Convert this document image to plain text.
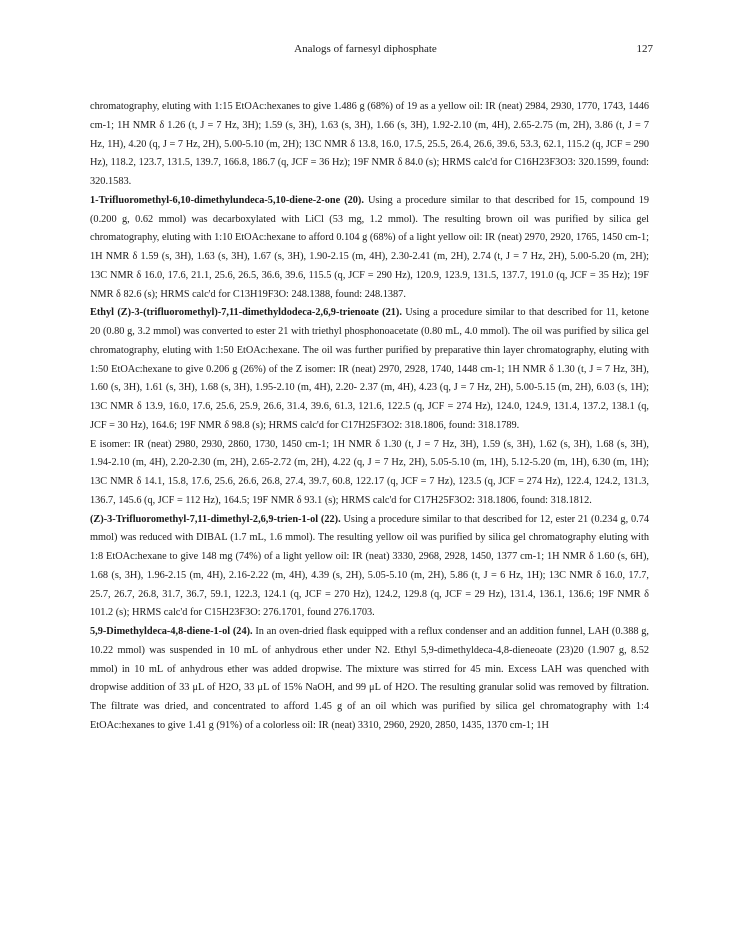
Analogs of farnesyl diphosphate	127

chromatography, eluting with 1:15 EtOAc:hexanes to give 1.486 g (68%) of 19 as a yellow oil: IR (neat) 2984, 2930, 1770, 1743, 1446 cm-1; 1H NMR δ 1.26 (t, J = 7 Hz, 3H); 1.59 (s, 3H), 1.63 (s, 3H), 1.66 (s, 3H), 1.92-2.10 (m, 4H), 2.65-2.75 (m, 2H), 3.86 (t, J = 7 Hz, 1H), 4.20 (q, J = 7 Hz, 2H), 5.00-5.10 (m, 2H); 13C NMR δ 13.8, 16.0, 17.5, 25.5, 26.4, 26.6, 39.6, 53.3, 62.1, 115.2 (q, JCF = 290 Hz), 118.2, 123.7, 131.5, 139.7, 166.8, 186.7 (q, JCF = 36 Hz); 19F NMR δ 84.0 (s); HRMS calc'd for C16H23F3O3: 320.1599, found: 320.1583.

1-Trifluoromethyl-6,10-dimethylundeca-5,10-diene-2-one (20). Using a procedure similar to that described for 15, compound 19 (0.200 g, 0.62 mmol) was decarboxylated with LiCl (53 mg, 1.2 mmol). The resulting brown oil was purified by silica gel chromatography, eluting with 1:10 EtOAc:hexane to afford 0.104 g (68%) of a light yellow oil: IR (neat) 2970, 2920, 1765, 1450 cm-1; 1H NMR δ 1.59 (s, 3H), 1.63 (s, 3H), 1.67 (s, 3H), 1.90-2.15 (m, 4H), 2.30-2.41 (m, 2H), 2.74 (t, J = 7 Hz, 2H), 5.00-5.20 (m, 2H); 13C NMR δ 16.0, 17.6, 21.1, 25.6, 26.5, 36.6, 39.6, 115.5 (q, JCF = 290 Hz), 120.9, 123.9, 131.5, 137.7, 191.0 (q, JCF = 35 Hz); 19F NMR δ 82.6 (s); HRMS calc'd for C13H19F3O: 248.1388, found: 248.1387.

Ethyl (Z)-3-(trifluoromethyl)-7,11-dimethyldodeca-2,6,9-trienoate (21). Using a procedure similar to that described for 11, ketone 20 (0.80 g, 3.2 mmol) was converted to ester 21 with triethyl phosphonoacetate (0.80 mL, 4.0 mmol). The oil was purified by silica gel chromatography, eluting with 1:50 EtOAc:hexane. The oil was further purified by preparative thin layer chromatography, eluting with 1:50 EtOAc:hexane to give 0.206 g (26%) of the Z isomer: IR (neat) 2970, 2928, 1740, 1448 cm-1; 1H NMR δ 1.30 (t, J = 7 Hz, 3H), 1.60 (s, 3H), 1.61 (s, 3H), 1.68 (s, 3H), 1.95-2.10 (m, 4H), 2.20- 2.37 (m, 4H), 4.23 (q, J = 7 Hz, 2H), 5.00-5.15 (m, 2H), 6.03 (s, 1H); 13C NMR δ 13.9, 16.0, 17.6, 25.6, 25.9, 26.6, 31.4, 39.6, 61.3, 121.6, 122.5 (q, JCF = 274 Hz), 124.0, 124.9, 131.4, 137.2, 138.1 (q, JCF = 30 Hz), 164.6; 19F NMR δ 98.8 (s); HRMS calc'd for C17H25F3O2: 318.1806, found: 318.1789.

E isomer: IR (neat) 2980, 2930, 2860, 1730, 1450 cm-1; 1H NMR δ 1.30 (t, J = 7 Hz, 3H), 1.59 (s, 3H), 1.62 (s, 3H), 1.68 (s, 3H), 1.94-2.10 (m, 4H), 2.20-2.30 (m, 2H), 2.65-2.72 (m, 2H), 4.22 (q, J = 7 Hz, 2H), 5.05-5.10 (m, 1H), 5.12-5.20 (m, 1H), 6.30 (m, 1H); 13C NMR δ 14.1, 15.8, 17.6, 25.6, 26.6, 26.8, 27.4, 39.7, 60.8, 122.17 (q, JCF = 7 Hz), 123.5 (q, JCF = 274 Hz), 122.4, 124.2, 131.3, 136.7, 145.6 (q, JCF = 112 Hz), 164.5; 19F NMR δ 93.1 (s); HRMS calc'd for C17H25F3O2: 318.1806, found: 318.1812.

(Z)-3-Trifluoromethyl-7,11-dimethyl-2,6,9-trien-1-ol (22). Using a procedure similar to that described for 12, ester 21 (0.234 g, 0.74 mmol) was reduced with DIBAL (1.7 mL, 1.6 mmol). The resulting yellow oil was purified by silica gel chromatography eluting with 1:8 EtOAc:hexane to give 148 mg (74%) of a light yellow oil: IR (neat) 3330, 2968, 2928, 1450, 1377 cm-1; 1H NMR δ 1.60 (s, 6H), 1.68 (s, 3H), 1.96-2.15 (m, 4H), 2.16-2.22 (m, 4H), 4.39 (s, 2H), 5.05-5.10 (m, 2H), 5.86 (t, J = 6 Hz, 1H); 13C NMR δ 16.0, 17.7, 25.7, 26.7, 26.8, 31.7, 36.7, 59.1, 122.3, 124.1 (q, JCF = 270 Hz), 124.2, 129.8 (q, JCF = 29 Hz), 131.4, 136.1, 136.6; 19F NMR δ 101.2 (s); HRMS calc'd for C15H23F3O: 276.1701, found 276.1703.

5,9-Dimethyldeca-4,8-diene-1-ol (24). In an oven-dried flask equipped with a reflux condenser and an addition funnel, LAH (0.388 g, 10.22 mmol) was suspended in 10 mL of anhydrous ether under N2. Ethyl 5,9-dimethyldeca-4,8-dieneoate (23)20 (1.907 g, 8.52 mmol) in 10 mL of anhydrous ether was added dropwise. The mixture was stirred for 45 min. Excess LAH was quenched with dropwise addition of 33 μL of H2O, 33 μL of 15% NaOH, and 99 μL of H2O. The resulting granular solid was removed by filtration. The filtrate was dried, and concentrated to afford 1.45 g of an oil which was purified by silica gel chromatography with 1:4 EtOAc:hexanes to give 1.41 g (91%) of a colorless oil: IR (neat) 3310, 2960, 2920, 2850, 1435, 1370 cm-1; 1H
